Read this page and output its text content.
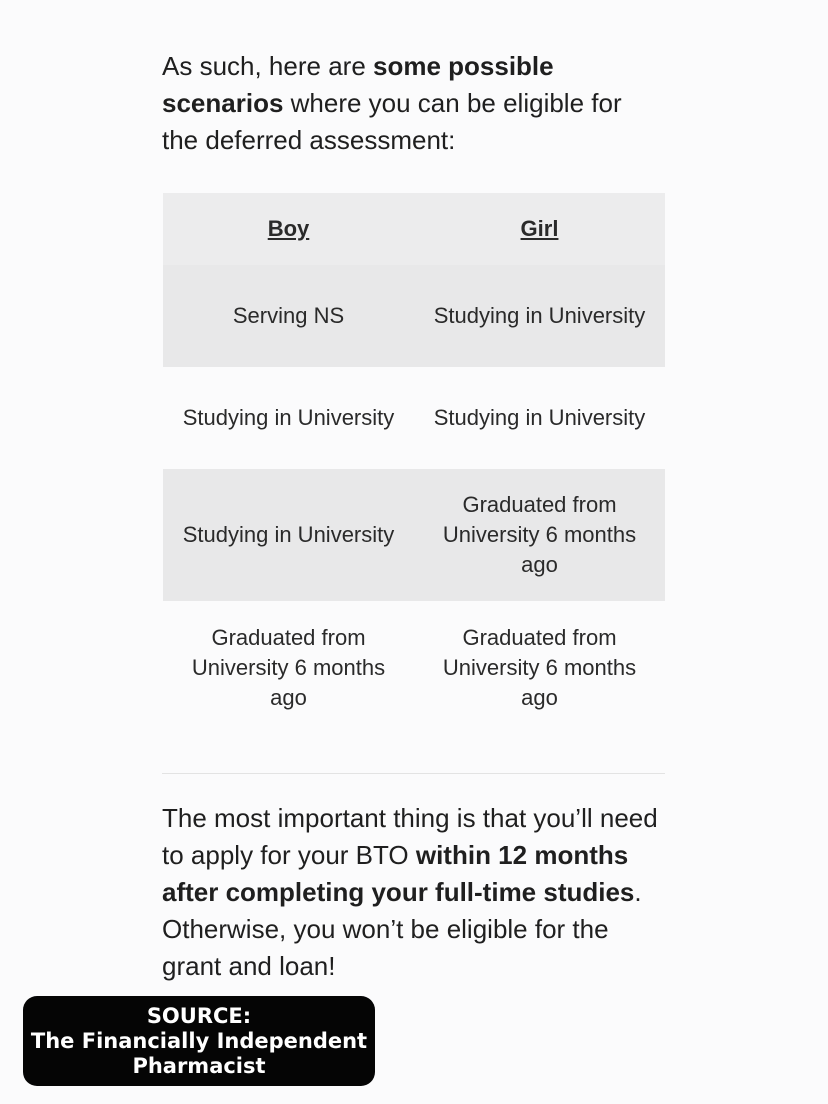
As such, here are some possible scenarios where you can be eligible for the deferred assessment:

Boy	Girl
Serving NS	Studying in University
Studying in University	Studying in University
Studying in University	Graduated from University 6 months ago
Graduated from University 6 months ago	Graduated from University 6 months ago

The most important thing is that you’ll need to apply for your BTO within 12 months after completing your full-time studies. Otherwise, you won’t be eligible for the grant and loan!

SOURCE:
The Financially Independent
Pharmacist
